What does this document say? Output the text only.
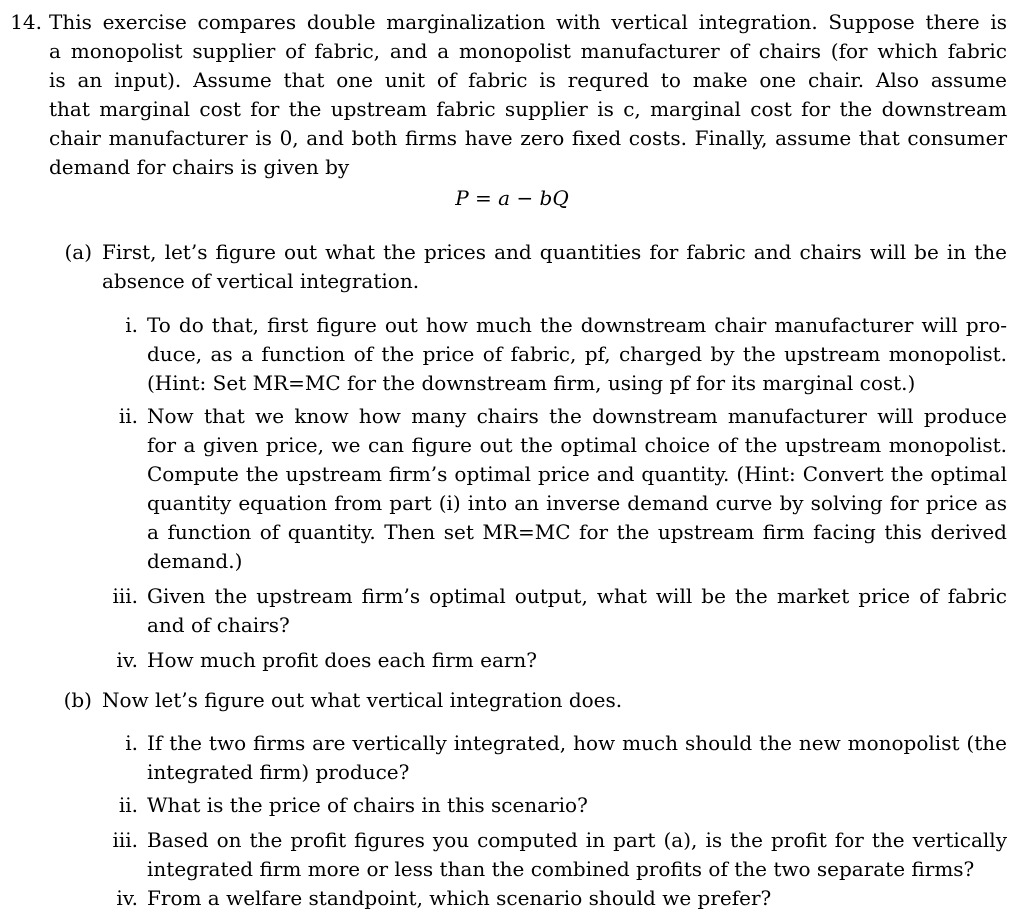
14. This exercise compares double marginalization with vertical integration. Suppose there is
a monopolist supplier of fabric, and a monopolist manufacturer of chairs (for which fabric
is an input). Assume that one unit of fabric is requred to make one chair. Also assume
that marginal cost for the upstream fabric supplier is c, marginal cost for the downstream
chair manufacturer is 0, and both firms have zero fixed costs. Finally, assume that consumer
demand for chairs is given by
P = a − bQ
(a) First, let’s figure out what the prices and quantities for fabric and chairs will be in the
absence of vertical integration.
i. To do that, first figure out how much the downstream chair manufacturer will pro-
duce, as a function of the price of fabric, pf, charged by the upstream monopolist.
(Hint: Set MR=MC for the downstream firm, using pf for its marginal cost.)
ii. Now that we know how many chairs the downstream manufacturer will produce
for a given price, we can figure out the optimal choice of the upstream monopolist.
Compute the upstream firm’s optimal price and quantity. (Hint: Convert the optimal
quantity equation from part (i) into an inverse demand curve by solving for price as
a function of quantity. Then set MR=MC for the upstream firm facing this derived
demand.)
iii. Given the upstream firm’s optimal output, what will be the market price of fabric
and of chairs?
iv. How much profit does each firm earn?
(b) Now let’s figure out what vertical integration does.
i. If the two firms are vertically integrated, how much should the new monopolist (the
integrated firm) produce?
ii. What is the price of chairs in this scenario?
iii. Based on the profit figures you computed in part (a), is the profit for the vertically
integrated firm more or less than the combined profits of the two separate firms?
iv. From a welfare standpoint, which scenario should we prefer?
